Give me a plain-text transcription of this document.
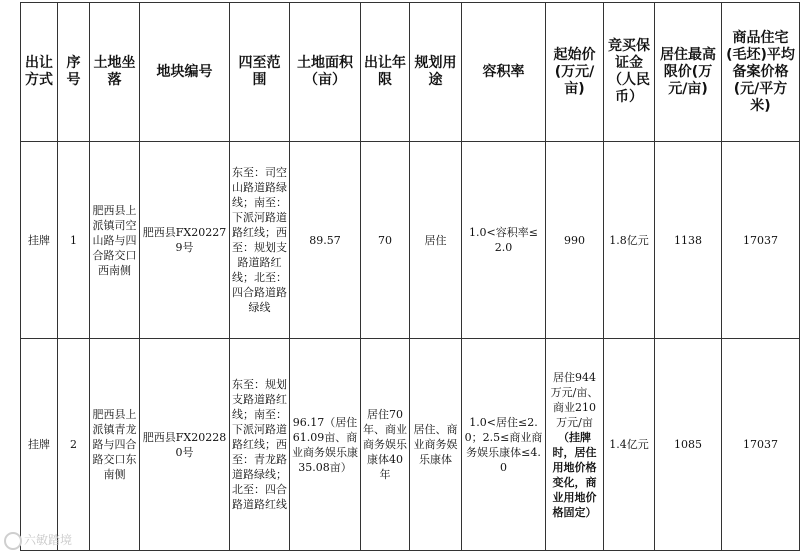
出让方式	序号	土地坐落	地块编号	四至范围	土地面积（亩）	出让年限	规划用途	容积率	起始价(万元/亩)	竞买保证金（人民币）	居住最高限价(万元/亩)	商品住宅(毛坯)平均备案价格(元/平方米)
挂牌	1	肥西县上派镇司空山路与四合路交口西南侧	肥西县FX202279号	东至：司空山路道路绿线；南至：下派河路道路红线；西至：规划支路道路红线；北至：四合路道路绿线	89.57	70	居住	1.0<容积率≤2.0	990	1.8亿元	1138	17037
挂牌	2	肥西县上派镇青龙路与四合路交口东南侧	肥西县FX202280号	东至：规划支路道路红线；南至：下派河路道路红线；西至：青龙路道路绿线；北至：四合路道路红线	96.17（居住61.09亩、商业商务娱乐康35.08亩）	居住70年、商业商务娱乐康体40年	居住、商业商务娱乐康体	1.0<居住≤2.0；2.5≤商业商务娱乐康体≤4.0	居住944万元/亩、商业210万元/亩（挂牌时，居住用地价格变化，商业用地价格固定）	1.4亿元	1085	17037
六敏踏境
